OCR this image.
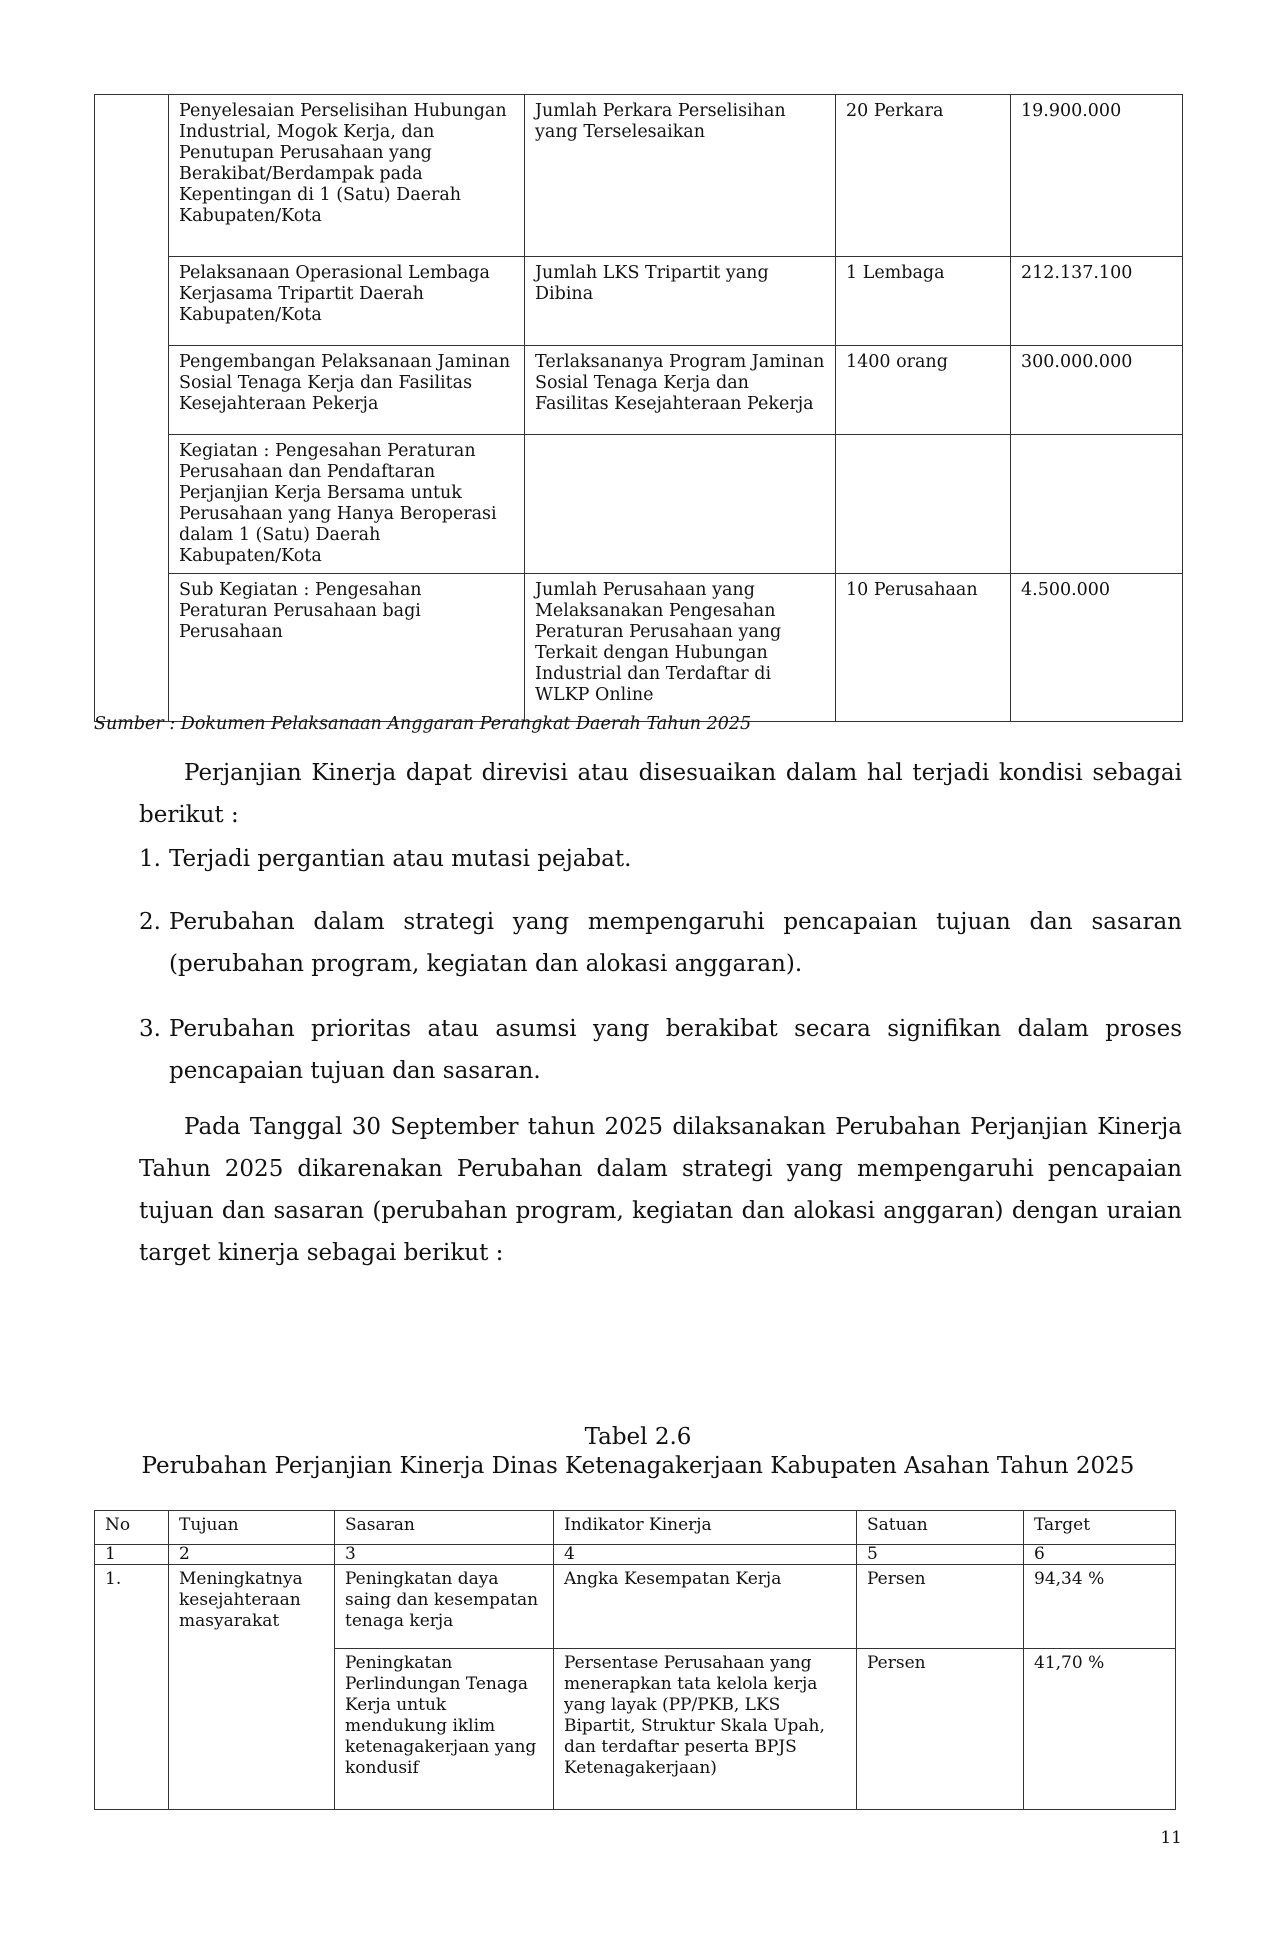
	Penyelesaian Perselisihan Hubungan Industrial, Mogok Kerja, dan Penutupan Perusahaan yang Berakibat/Berdampak pada Kepentingan di 1 (Satu) Daerah Kabupaten/Kota	Jumlah Perkara Perselisihan yang Terselesaikan	20 Perkara	19.900.000
	Pelaksanaan Operasional Lembaga Kerjasama Tripartit Daerah Kabupaten/Kota	Jumlah LKS Tripartit yang Dibina	1 Lembaga	212.137.100
	Pengembangan Pelaksanaan Jaminan Sosial Tenaga Kerja dan Fasilitas Kesejahteraan Pekerja	Terlaksananya Program Jaminan Sosial Tenaga Kerja dan Fasilitas Kesejahteraan Pekerja	1400 orang	300.000.000
	Kegiatan : Pengesahan Peraturan Perusahaan dan Pendaftaran Perjanjian Kerja Bersama untuk Perusahaan yang Hanya Beroperasi dalam 1 (Satu) Daerah Kabupaten/Kota			
	Sub Kegiatan : Pengesahan Peraturan Perusahaan bagi Perusahaan	Jumlah Perusahaan yang Melaksanakan Pengesahan Peraturan Perusahaan yang Terkait dengan Hubungan Industrial dan Terdaftar di WLKP Online	10 Perusahaan	4.500.000
Sumber : Dokumen Pelaksanaan Anggaran Perangkat Daerah Tahun 2025
Perjanjian Kinerja dapat direvisi atau disesuaikan dalam hal terjadi kondisi sebagai berikut :
1. Terjadi pergantian atau mutasi pejabat.
2. Perubahan dalam strategi yang mempengaruhi pencapaian tujuan dan sasaran (perubahan program, kegiatan dan alokasi anggaran).
3. Perubahan prioritas atau asumsi yang berakibat secara signifikan dalam proses pencapaian tujuan dan sasaran.
Pada Tanggal 30 September tahun 2025 dilaksanakan Perubahan Perjanjian Kinerja Tahun 2025 dikarenakan Perubahan dalam strategi yang mempengaruhi pencapaian tujuan dan sasaran (perubahan program, kegiatan dan alokasi anggaran) dengan uraian target kinerja sebagai berikut :
Tabel 2.6
Perubahan Perjanjian Kinerja Dinas Ketenagakerjaan Kabupaten Asahan Tahun 2025
No	Tujuan	Sasaran	Indikator Kinerja	Satuan	Target
1	2	3	4	5	6
1.	Meningkatnya kesejahteraan masyarakat	Peningkatan daya saing dan kesempatan tenaga kerja	Angka Kesempatan Kerja	Persen	94,34 %
		Peningkatan Perlindungan Tenaga Kerja untuk mendukung iklim ketenagakerjaan yang kondusif	Persentase Perusahaan yang menerapkan tata kelola kerja yang layak (PP/PKB, LKS Bipartit, Struktur Skala Upah, dan terdaftar peserta BPJS Ketenagakerjaan)	Persen	41,70 %
11
